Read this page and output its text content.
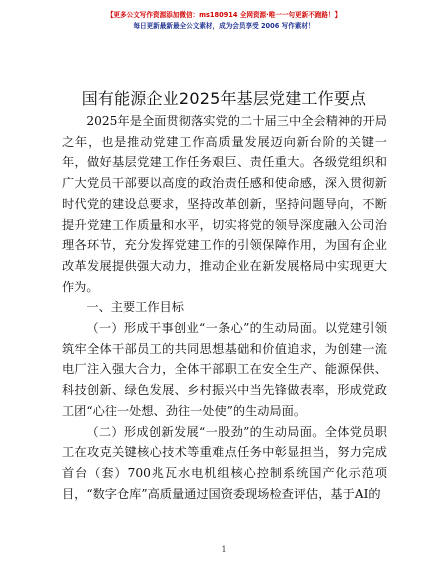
【更多公文写作资源添加微信：ms180914 全网资源·唯一一句更新不跑路！】
每日更新最新最全公文素材，成为会员享受 2006 写作素材！
国有能源企业2025年基层党建工作要点

2025年是全面贯彻落实党的二十届三中全会精神的开局之年，也是推动党建工作高质量发展迈向新台阶的关键一年，做好基层党建工作任务艰巨、责任重大。各级党组织和广大党员干部要以高度的政治责任感和使命感，深入贯彻新时代党的建设总要求，坚持改革创新，坚持问题导向，不断提升党建工作质量和水平，切实将党的领导深度融入公司治理各环节，充分发挥党建工作的引领保障作用，为国有企业改革发展提供强大动力，推动企业在新发展格局中实现更大作为。

一、主要工作目标

（一）形成干事创业“一条心”的生动局面。以党建引领筑牢全体干部员工的共同思想基础和价值追求，为创建一流电厂注入强大合力，全体干部职工在安全生产、能源保供、科技创新、绿色发展、乡村振兴中当先锋做表率，形成党政工团“心往一处想、劲往一处使”的生动局面。

（二）形成创新发展“一股劲”的生动局面。全体党员职工在攻克关键核心技术等重难点任务中彰显担当，努力完成首台（套）700兆瓦水电机组核心控制系统国产化示范项目，“数字仓库”高质量通过国资委现场检查评估，基于AI的

1
